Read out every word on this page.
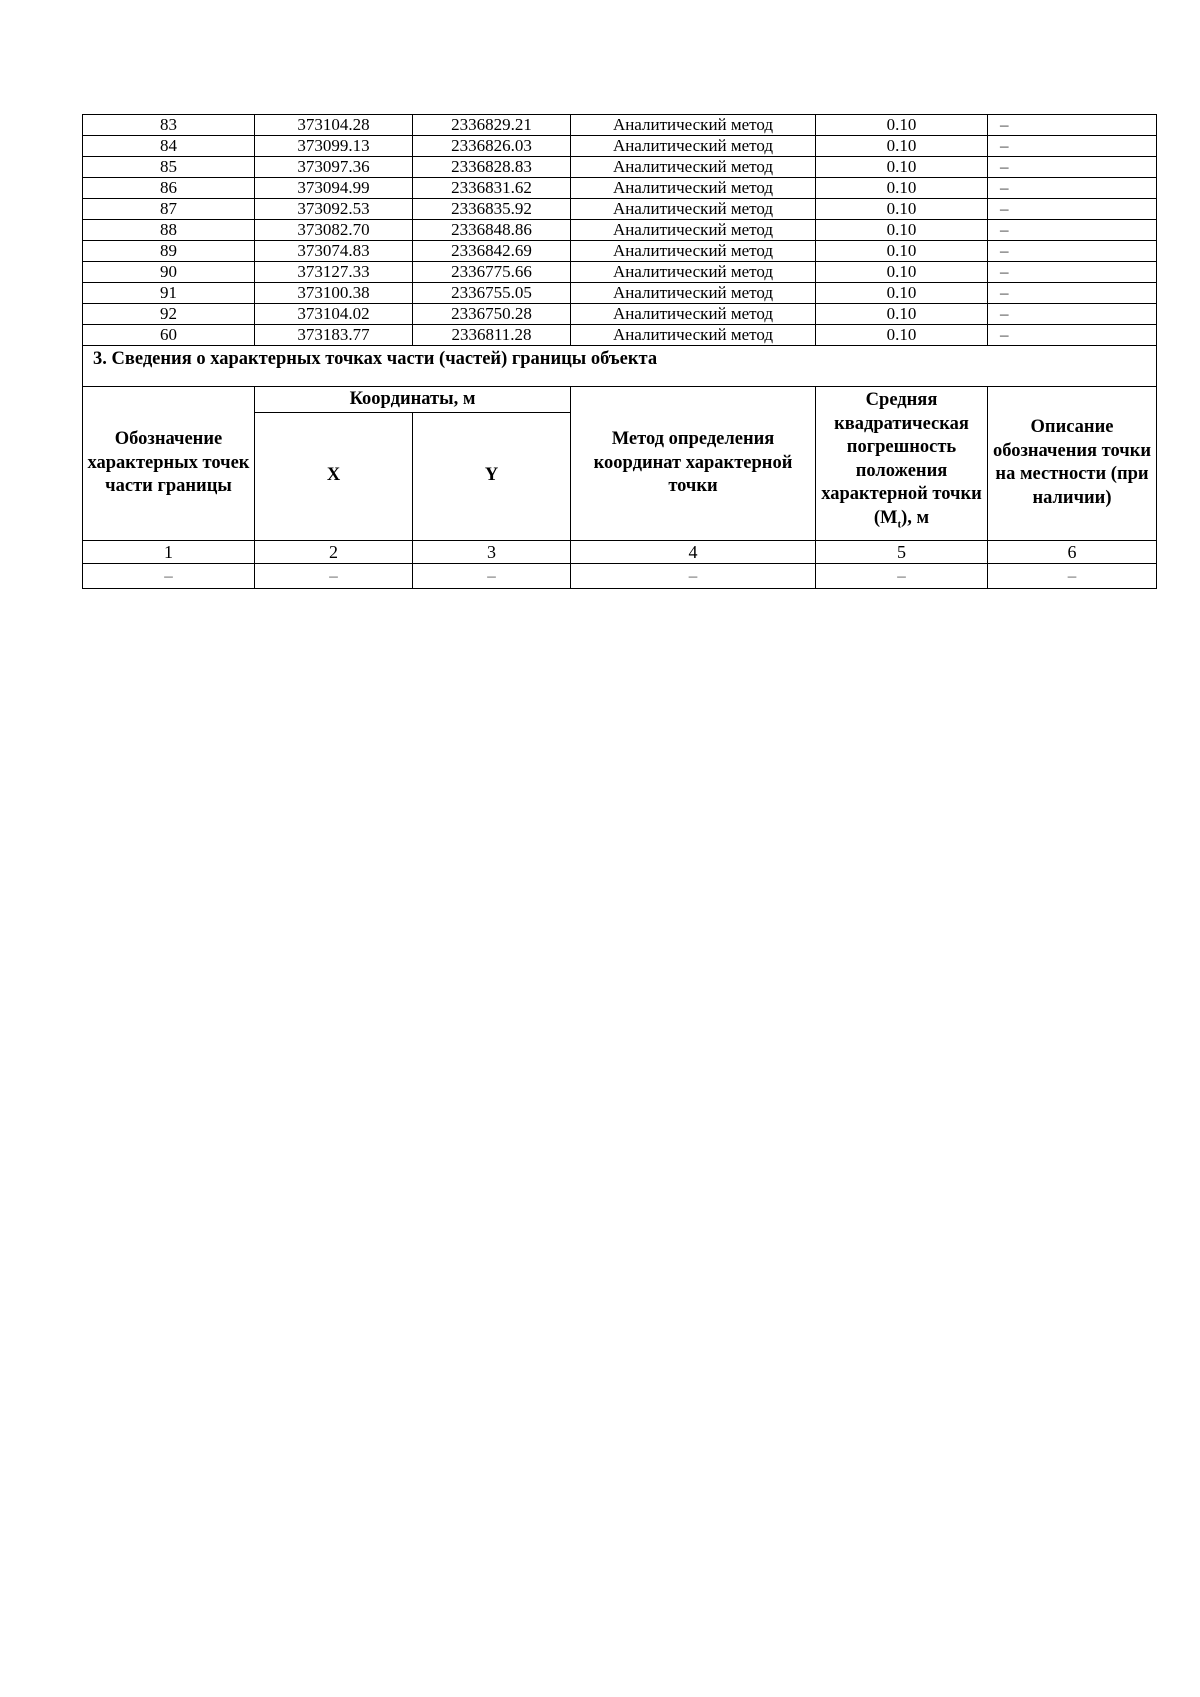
83	373104.28	2336829.21	Аналитический метод	0.10	–
84	373099.13	2336826.03	Аналитический метод	0.10	–
85	373097.36	2336828.83	Аналитический метод	0.10	–
86	373094.99	2336831.62	Аналитический метод	0.10	–
87	373092.53	2336835.92	Аналитический метод	0.10	–
88	373082.70	2336848.86	Аналитический метод	0.10	–
89	373074.83	2336842.69	Аналитический метод	0.10	–
90	373127.33	2336775.66	Аналитический метод	0.10	–
91	373100.38	2336755.05	Аналитический метод	0.10	–
92	373104.02	2336750.28	Аналитический метод	0.10	–
60	373183.77	2336811.28	Аналитический метод	0.10	–
3. Сведения о характерных точках части (частей) границы объекта					
Обозначение характерных точек части границы	Координаты, м		Метод определения координат характерной точки	Средняя квадратическая погрешность положения характерной точки $(M_t)$, м	Описание обозначения точки на местности (при наличии)
	X	Y			
1	2	3	4	5	6
–	–	–	–	–	–
